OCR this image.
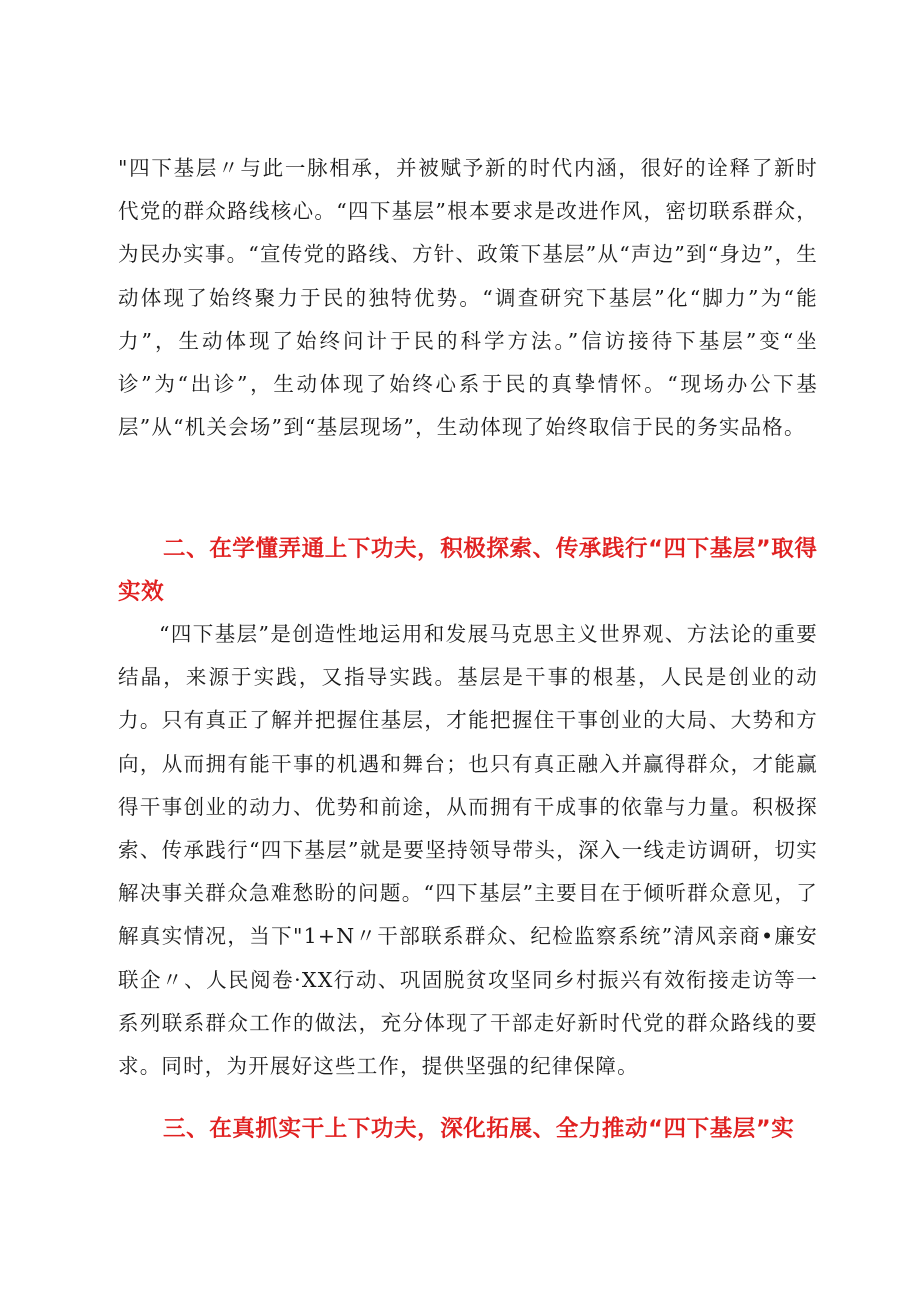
"四下基层〃与此一脉相承，并被赋予新的时代内涵，很好的诠释了新时代党的群众路线核心。“四下基层”根本要求是改进作风，密切联系群众，为民办实事。“宣传党的路线、方针、政策下基层”从“声边”到“身边”，生动体现了始终聚力于民的独特优势。“调查研究下基层”化“脚力”为“能力”，生动体现了始终问计于民的科学方法。”信访接待下基层”变“坐诊”为“出诊”，生动体现了始终心系于民的真挚情怀。“现场办公下基层”从“机关会场”到“基层现场”，生动体现了始终取信于民的务实品格。

二、在学懂弄通上下功夫，积极探索、传承践行“四下基层”取得实效

“四下基层”是创造性地运用和发展马克思主义世界观、方法论的重要结晶，来源于实践，又指导实践。基层是干事的根基，人民是创业的动力。只有真正了解并把握住基层，才能把握住干事创业的大局、大势和方向，从而拥有能干事的机遇和舞台；也只有真正融入并赢得群众，才能赢得干事创业的动力、优势和前途，从而拥有干成事的依靠与力量。积极探索、传承践行“四下基层”就是要坚持领导带头，深入一线走访调研，切实解决事关群众急难愁盼的问题。“四下基层”主要目在于倾听群众意见，了解真实情况，当下"1+N〃干部联系群众、纪检监察系统”清风亲商•廉安联企〃、人民阅卷·XX行动、巩固脱贫攻坚同乡村振兴有效衔接走访等一系列联系群众工作的做法，充分体现了干部走好新时代党的群众路线的要求。同时，为开展好这些工作，提供坚强的纪律保障。

三、在真抓实干上下功夫，深化拓展、全力推动“四下基层”实
